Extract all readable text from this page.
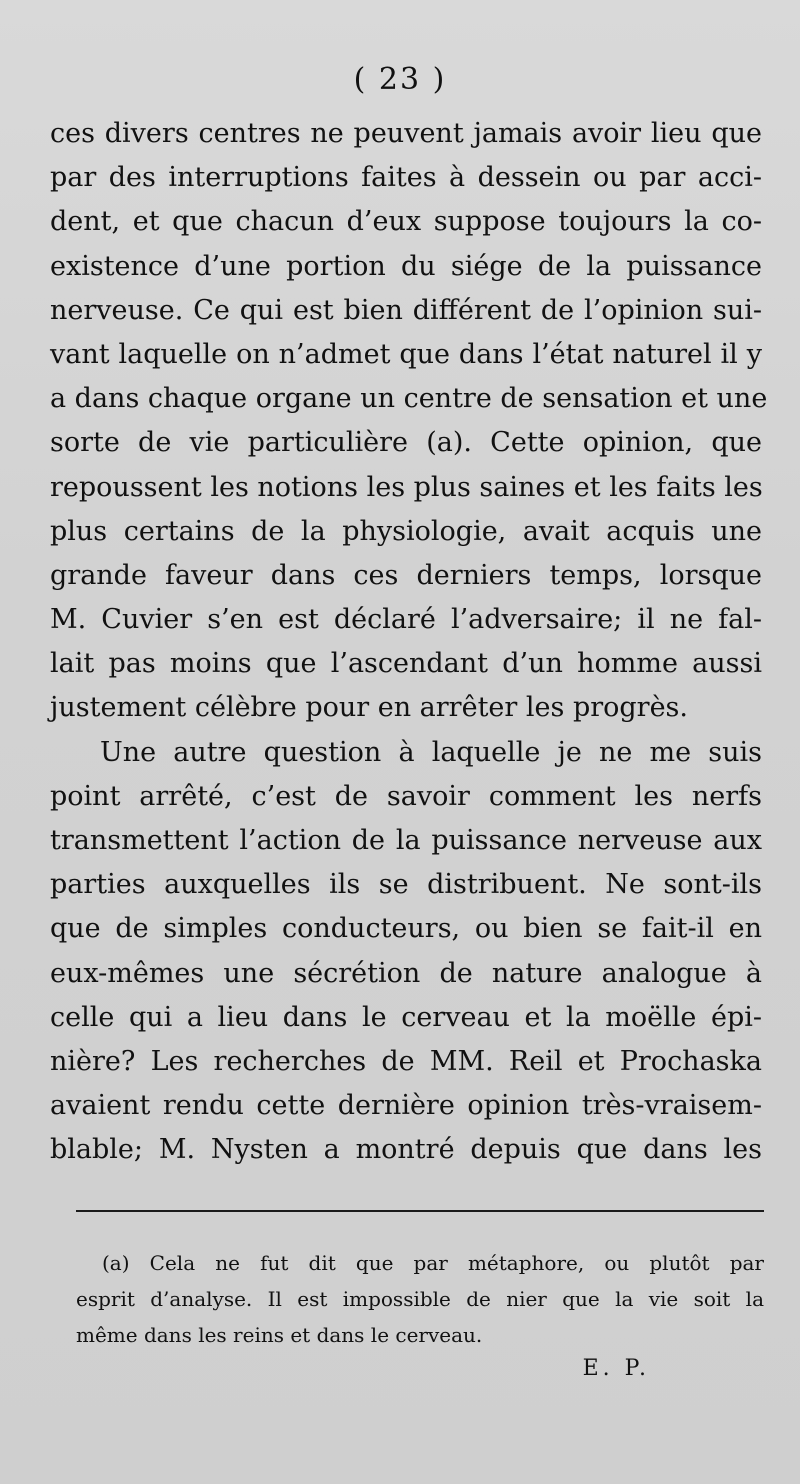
( 23 )
ces divers centres ne peuvent jamais avoir lieu que
par des interruptions faites à dessein ou par acci-
dent, et que chacun d’eux suppose toujours la co-
existence d’une portion du siége de la puissance
nerveuse. Ce qui est bien différent de l’opinion sui-
vant laquelle on n’admet que dans l’état naturel il y
a dans chaque organe un centre de sensation et une
sorte de vie particulière (a). Cette opinion, que
repoussent les notions les plus saines et les faits les
plus certains de la physiologie, avait acquis une
grande faveur dans ces derniers temps, lorsque
M. Cuvier s’en est déclaré l’adversaire; il ne fal-
lait pas moins que l’ascendant d’un homme aussi
justement célèbre pour en arrêter les progrès.
Une autre question à laquelle je ne me suis
point arrêté, c’est de savoir comment les nerfs
transmettent l’action de la puissance nerveuse aux
parties auxquelles ils se distribuent. Ne sont-ils
que de simples conducteurs, ou bien se fait-il en
eux-mêmes une sécrétion de nature analogue à
celle qui a lieu dans le cerveau et la moëlle épi-
nière? Les recherches de MM. Reil et Prochaska
avaient rendu cette dernière opinion très-vraisem-
blable; M. Nysten a montré depuis que dans les
(a) Cela ne fut dit que par métaphore, ou plutôt par
esprit d’analyse. Il est impossible de nier que la vie soit la
même dans les reins et dans le cerveau.
E. P.
